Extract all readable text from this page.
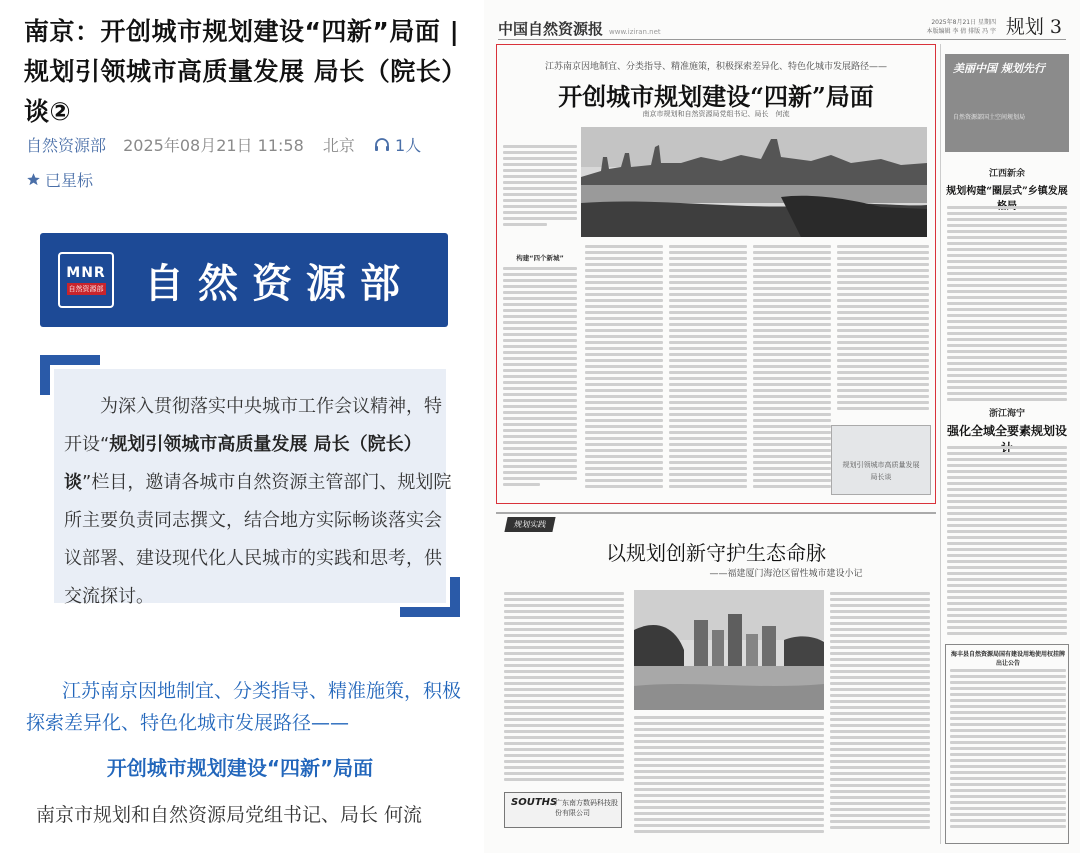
南京：开创城市规划建设“四新”局面 | 规划引领城市高质量发展 局长（院长）谈②
自然资源部 2025年08月21日 11:58 北京	1人
已星标
MNR
自然资源部 自然资源部
为深入贯彻落实中央城市工作会议精神，特开设“规划引领城市高质量发展 局长（院长）谈”栏目，邀请各城市自然资源主管部门、规划院所主要负责同志撰文，结合地方实际畅谈落实会议部署、建设现代化人民城市的实践和思考，供交流探讨。
江苏南京因地制宜、分类指导、精准施策，积极探索差异化、特色化城市发展路径——
开创城市规划建设“四新”局面
南京市规划和自然资源局党组书记、局长 何流
中国自然资源报 www.iziran.net
2025年8月21日 星期四
本版编辑 李 倩 排版 冯 宇 规划 3
江苏南京因地制宜、分类指导、精准施策，积极探索差异化、特色化城市发展路径——
开创城市规划建设“四新”局面
南京市规划和自然资源局党组书记、局长　何流
构建“四个新城”
规划引领城市高质量发展
局长谈
美丽中国 规划先行
自然资源部国土空间规划局
江西新余
规划构建“圈层式”乡镇发展
浙江海宁
强化全域全要素规划设
海丰县自然资源局国有建设用地使用权挂牌出让公告
规划实践
以规划创新守护生态命脉
——福建厦门海沧区留性城市建设小记
SOUTHS
广东南方数码科技股份有限公司
